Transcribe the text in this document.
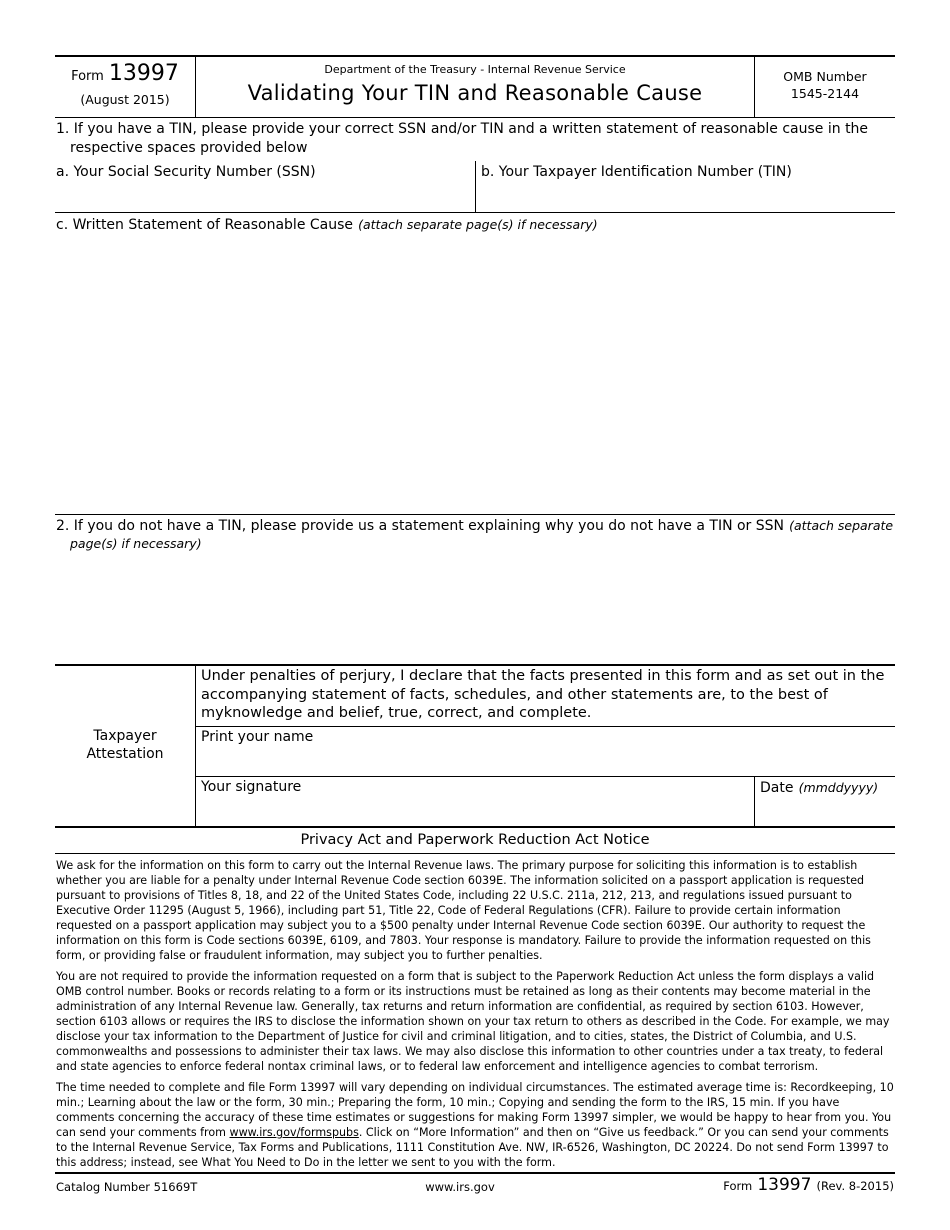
Form 13997
(August 2015)
Department of the Treasury - Internal Revenue Service
Validating Your TIN and Reasonable Cause
OMB Number
1545-2144
1. If you have a TIN, please provide your correct SSN and/or TIN and a written statement of reasonable cause in the
respective spaces provided below
a. Your Social Security Number (SSN)	b. Your Taxpayer Identification Number (TIN)
c. Written Statement of Reasonable Cause (attach separate page(s) if necessary)
2. If you do not have a TIN, please provide us a statement explaining why you do not have a TIN or SSN (attach separate
page(s) if necessary)
Taxpayer
Attestation
Under penalties of perjury, I declare that the facts presented in this form and as set out in the
accompanying statement of facts, schedules, and other statements are, to the best of
myknowledge and belief, true, correct, and complete.
Print your name
Your signature	Date (mmddyyyy)
Privacy Act and Paperwork Reduction Act Notice

We ask for the information on this form to carry out the Internal Revenue laws. The primary purpose for soliciting this information is to establish whether you are liable for a penalty under Internal Revenue Code section 6039E. The information solicited on a passport application is requested pursuant to provisions of Titles 8, 18, and 22 of the United States Code, including 22 U.S.C. 211a, 212, 213, and regulations issued pursuant to Executive Order 11295 (August 5, 1966), including part 51, Title 22, Code of Federal Regulations (CFR). Failure to provide certain information requested on a passport application may subject you to a $500 penalty under Internal Revenue Code section 6039E. Our authority to request the information on this form is Code sections 6039E, 6109, and 7803. Your response is mandatory. Failure to provide the information requested on this form, or providing false or fraudulent information, may subject you to further penalties.

You are not required to provide the information requested on a form that is subject to the Paperwork Reduction Act unless the form displays a valid OMB control number. Books or records relating to a form or its instructions must be retained as long as their contents may become material in the administration of any Internal Revenue law. Generally, tax returns and return information are confidential, as required by section 6103. However, section 6103 allows or requires the IRS to disclose the information shown on your tax return to others as described in the Code. For example, we may disclose your tax information to the Department of Justice for civil and criminal litigation, and to cities, states, the District of Columbia, and U.S. commonwealths and possessions to administer their tax laws. We may also disclose this information to other countries under a tax treaty, to federal and state agencies to enforce federal nontax criminal laws, or to federal law enforcement and intelligence agencies to combat terrorism.

The time needed to complete and file Form 13997 will vary depending on individual circumstances. The estimated average time is: Recordkeeping, 10 min.; Learning about the law or the form, 30 min.; Preparing the form, 10 min.; Copying and sending the form to the IRS, 15 min. If you have comments concerning the accuracy of these time estimates or suggestions for making Form 13997 simpler, we would be happy to hear from you. You can send your comments from www.irs.gov/formspubs. Click on “More Information” and then on “Give us feedback.” Or you can send your comments to the Internal Revenue Service, Tax Forms and Publications, 1111 Constitution Ave. NW, IR-6526, Washington, DC 20224. Do not send Form 13997 to this address; instead, see What You Need to Do in the letter we sent to you with the form.

Catalog Number 51669T	www.irs.gov	Form 13997 (Rev. 8-2015)
